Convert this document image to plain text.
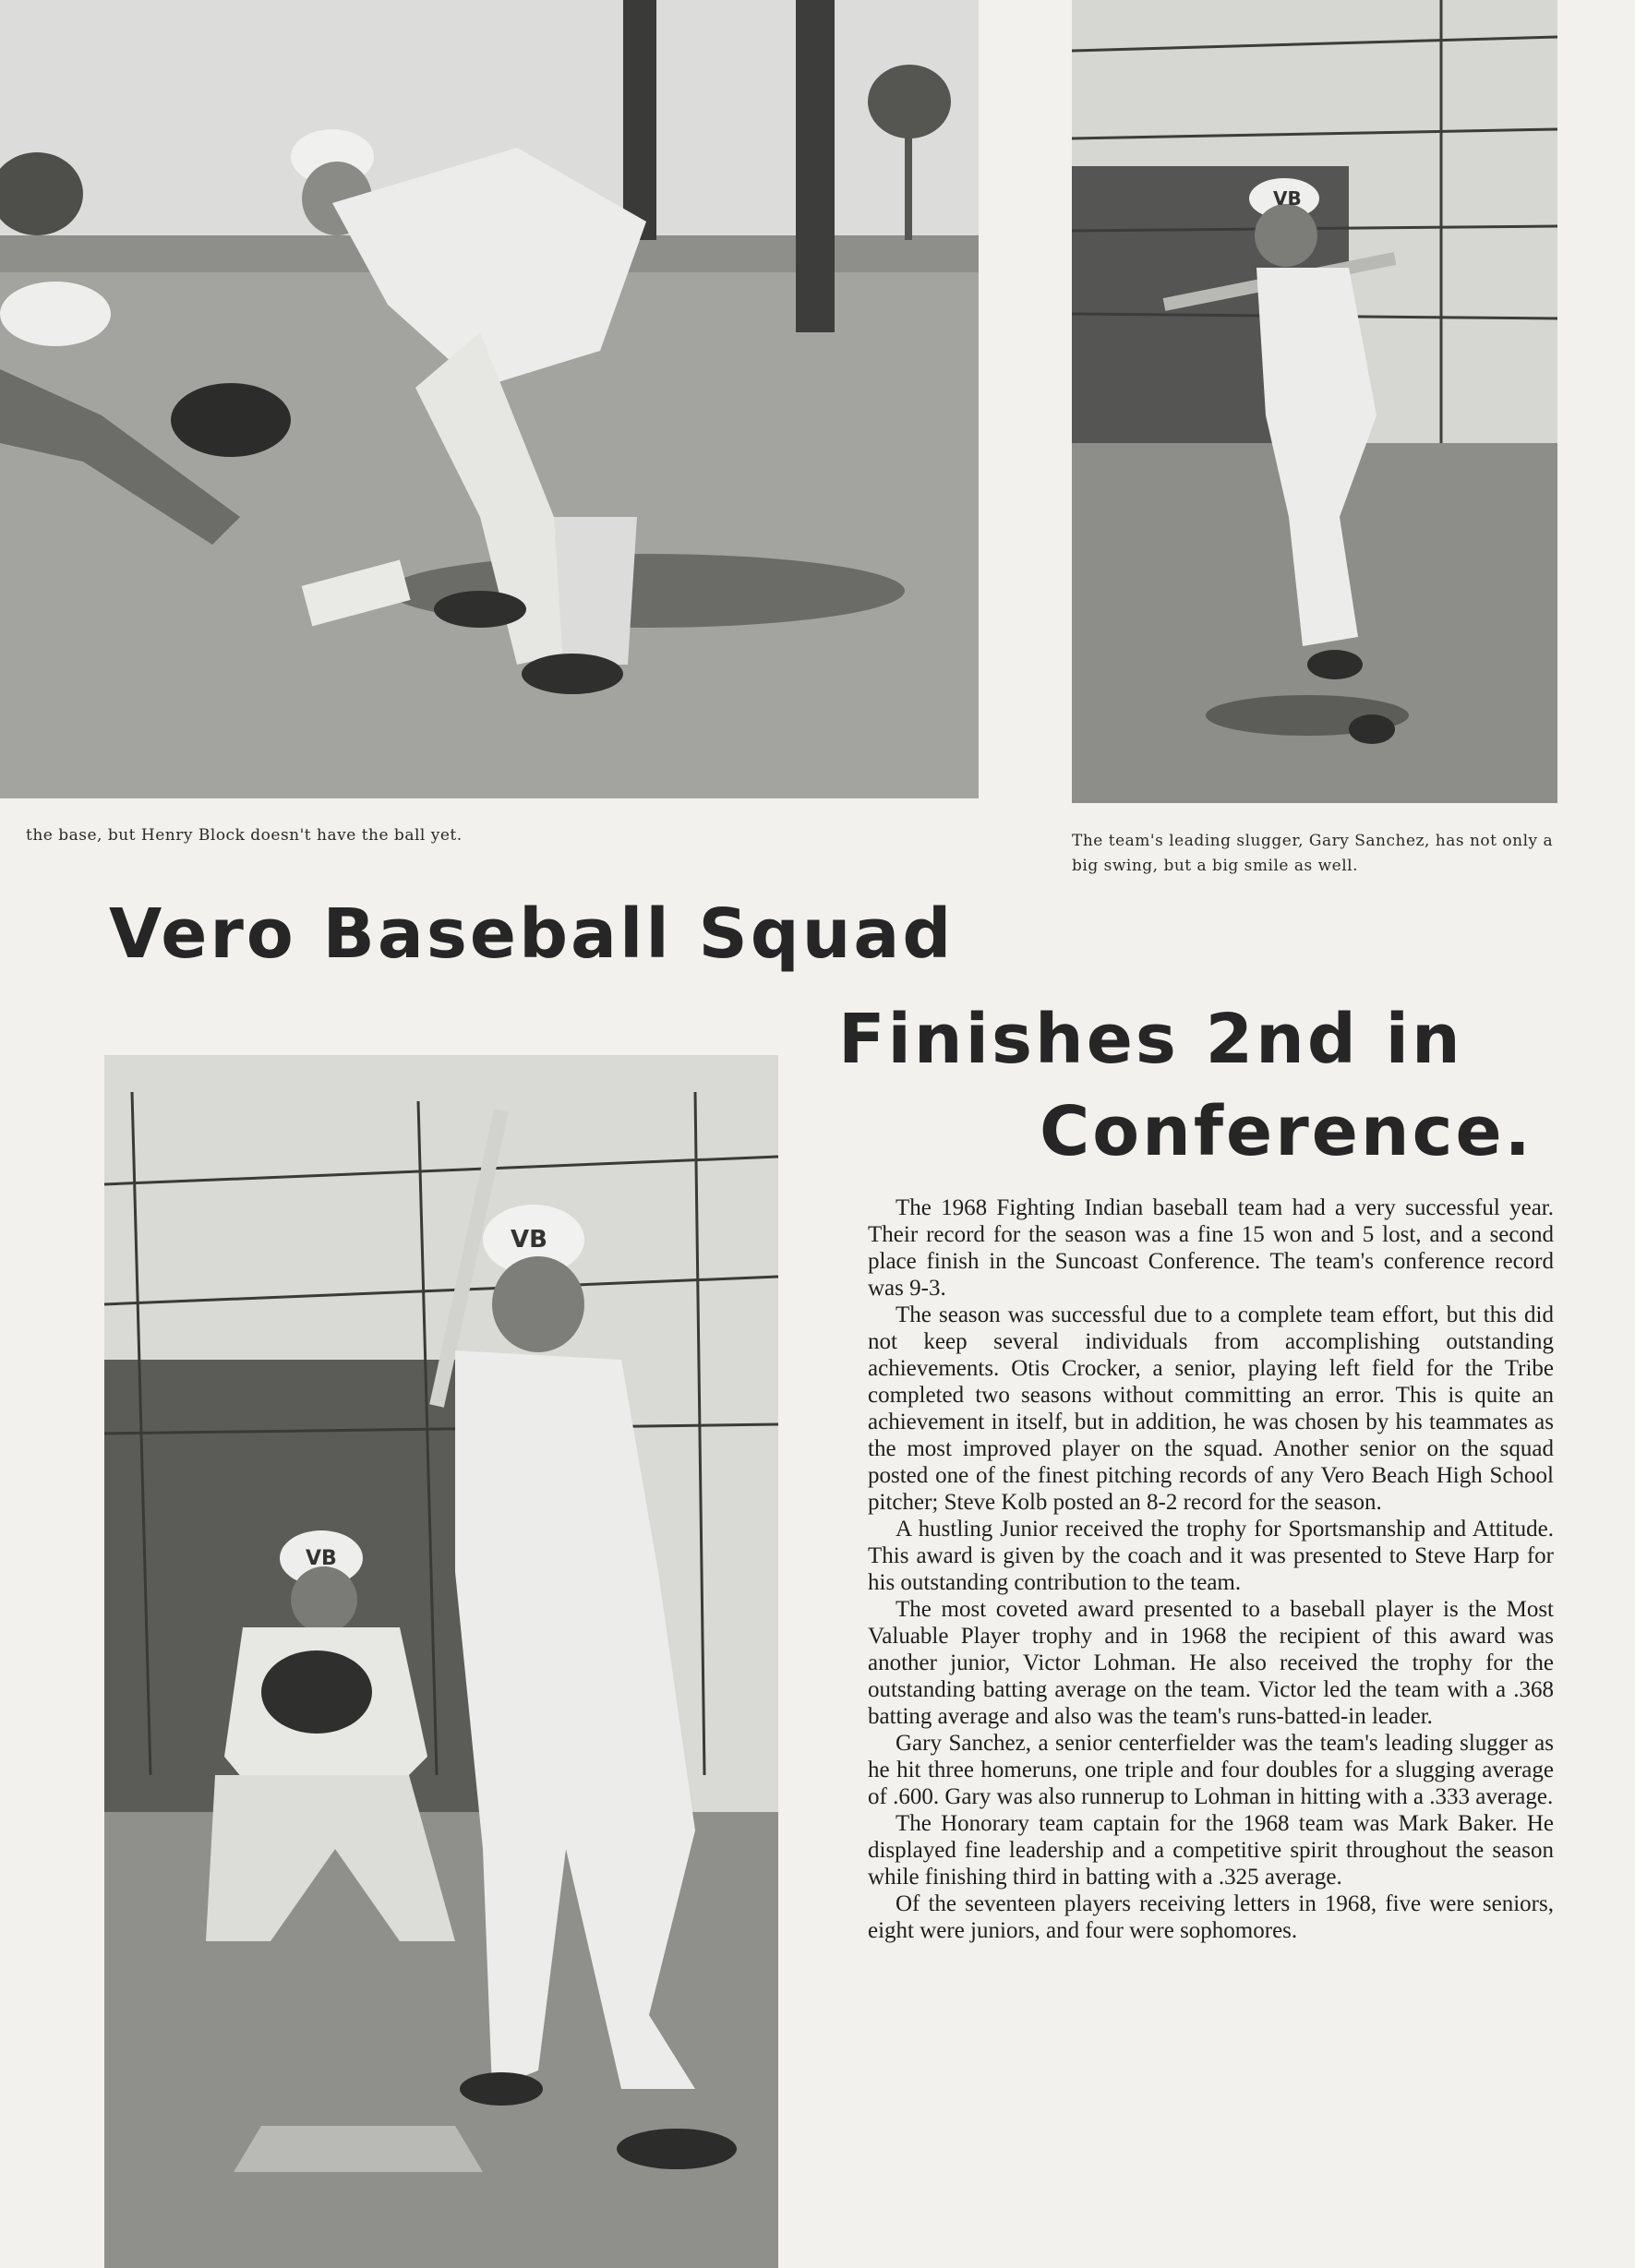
VB
VB
VB
the base, but Henry Block doesn't have the ball yet.	The team's leading slugger, Gary Sanchez, has not only a big swing, but a big smile as well.
Vero Baseball Squad
Finishes 2nd in
Conference.

The 1968 Fighting Indian baseball team had a very successful year. Their record for the season was a fine 15 won and 5 lost, and a second place finish in the Suncoast Conference. The team's conference record was 9-3.

The season was successful due to a complete team effort, but this did not keep several individuals from accomplishing outstanding achievements. Otis Crocker, a senior, playing left field for the Tribe completed two seasons without committing an error. This is quite an achievement in itself, but in addition, he was chosen by his teammates as the most improved player on the squad. Another senior on the squad posted one of the finest pitching records of any Vero Beach High School pitcher; Steve Kolb posted an 8-2 record for the season.

A hustling Junior received the trophy for Sportsmanship and Attitude. This award is given by the coach and it was presented to Steve Harp for his outstanding contribution to the team.

The most coveted award presented to a baseball player is the Most Valuable Player trophy and in 1968 the recipient of this award was another junior, Victor Lohman. He also received the trophy for the outstanding batting average on the team. Victor led the team with a .368 batting average and also was the team's runs-batted-in leader.

Gary Sanchez, a senior centerfielder was the team's leading slugger as he hit three homeruns, one triple and four doubles for a slugging average of .600. Gary was also runnerup to Lohman in hitting with a .333 average.

The Honorary team captain for the 1968 team was Mark Baker. He displayed fine leadership and a competitive spirit throughout the season while finishing third in batting with a .325 average.

Of the seventeen players receiving letters in 1968, five were seniors, eight were juniors, and four were sophomores.
